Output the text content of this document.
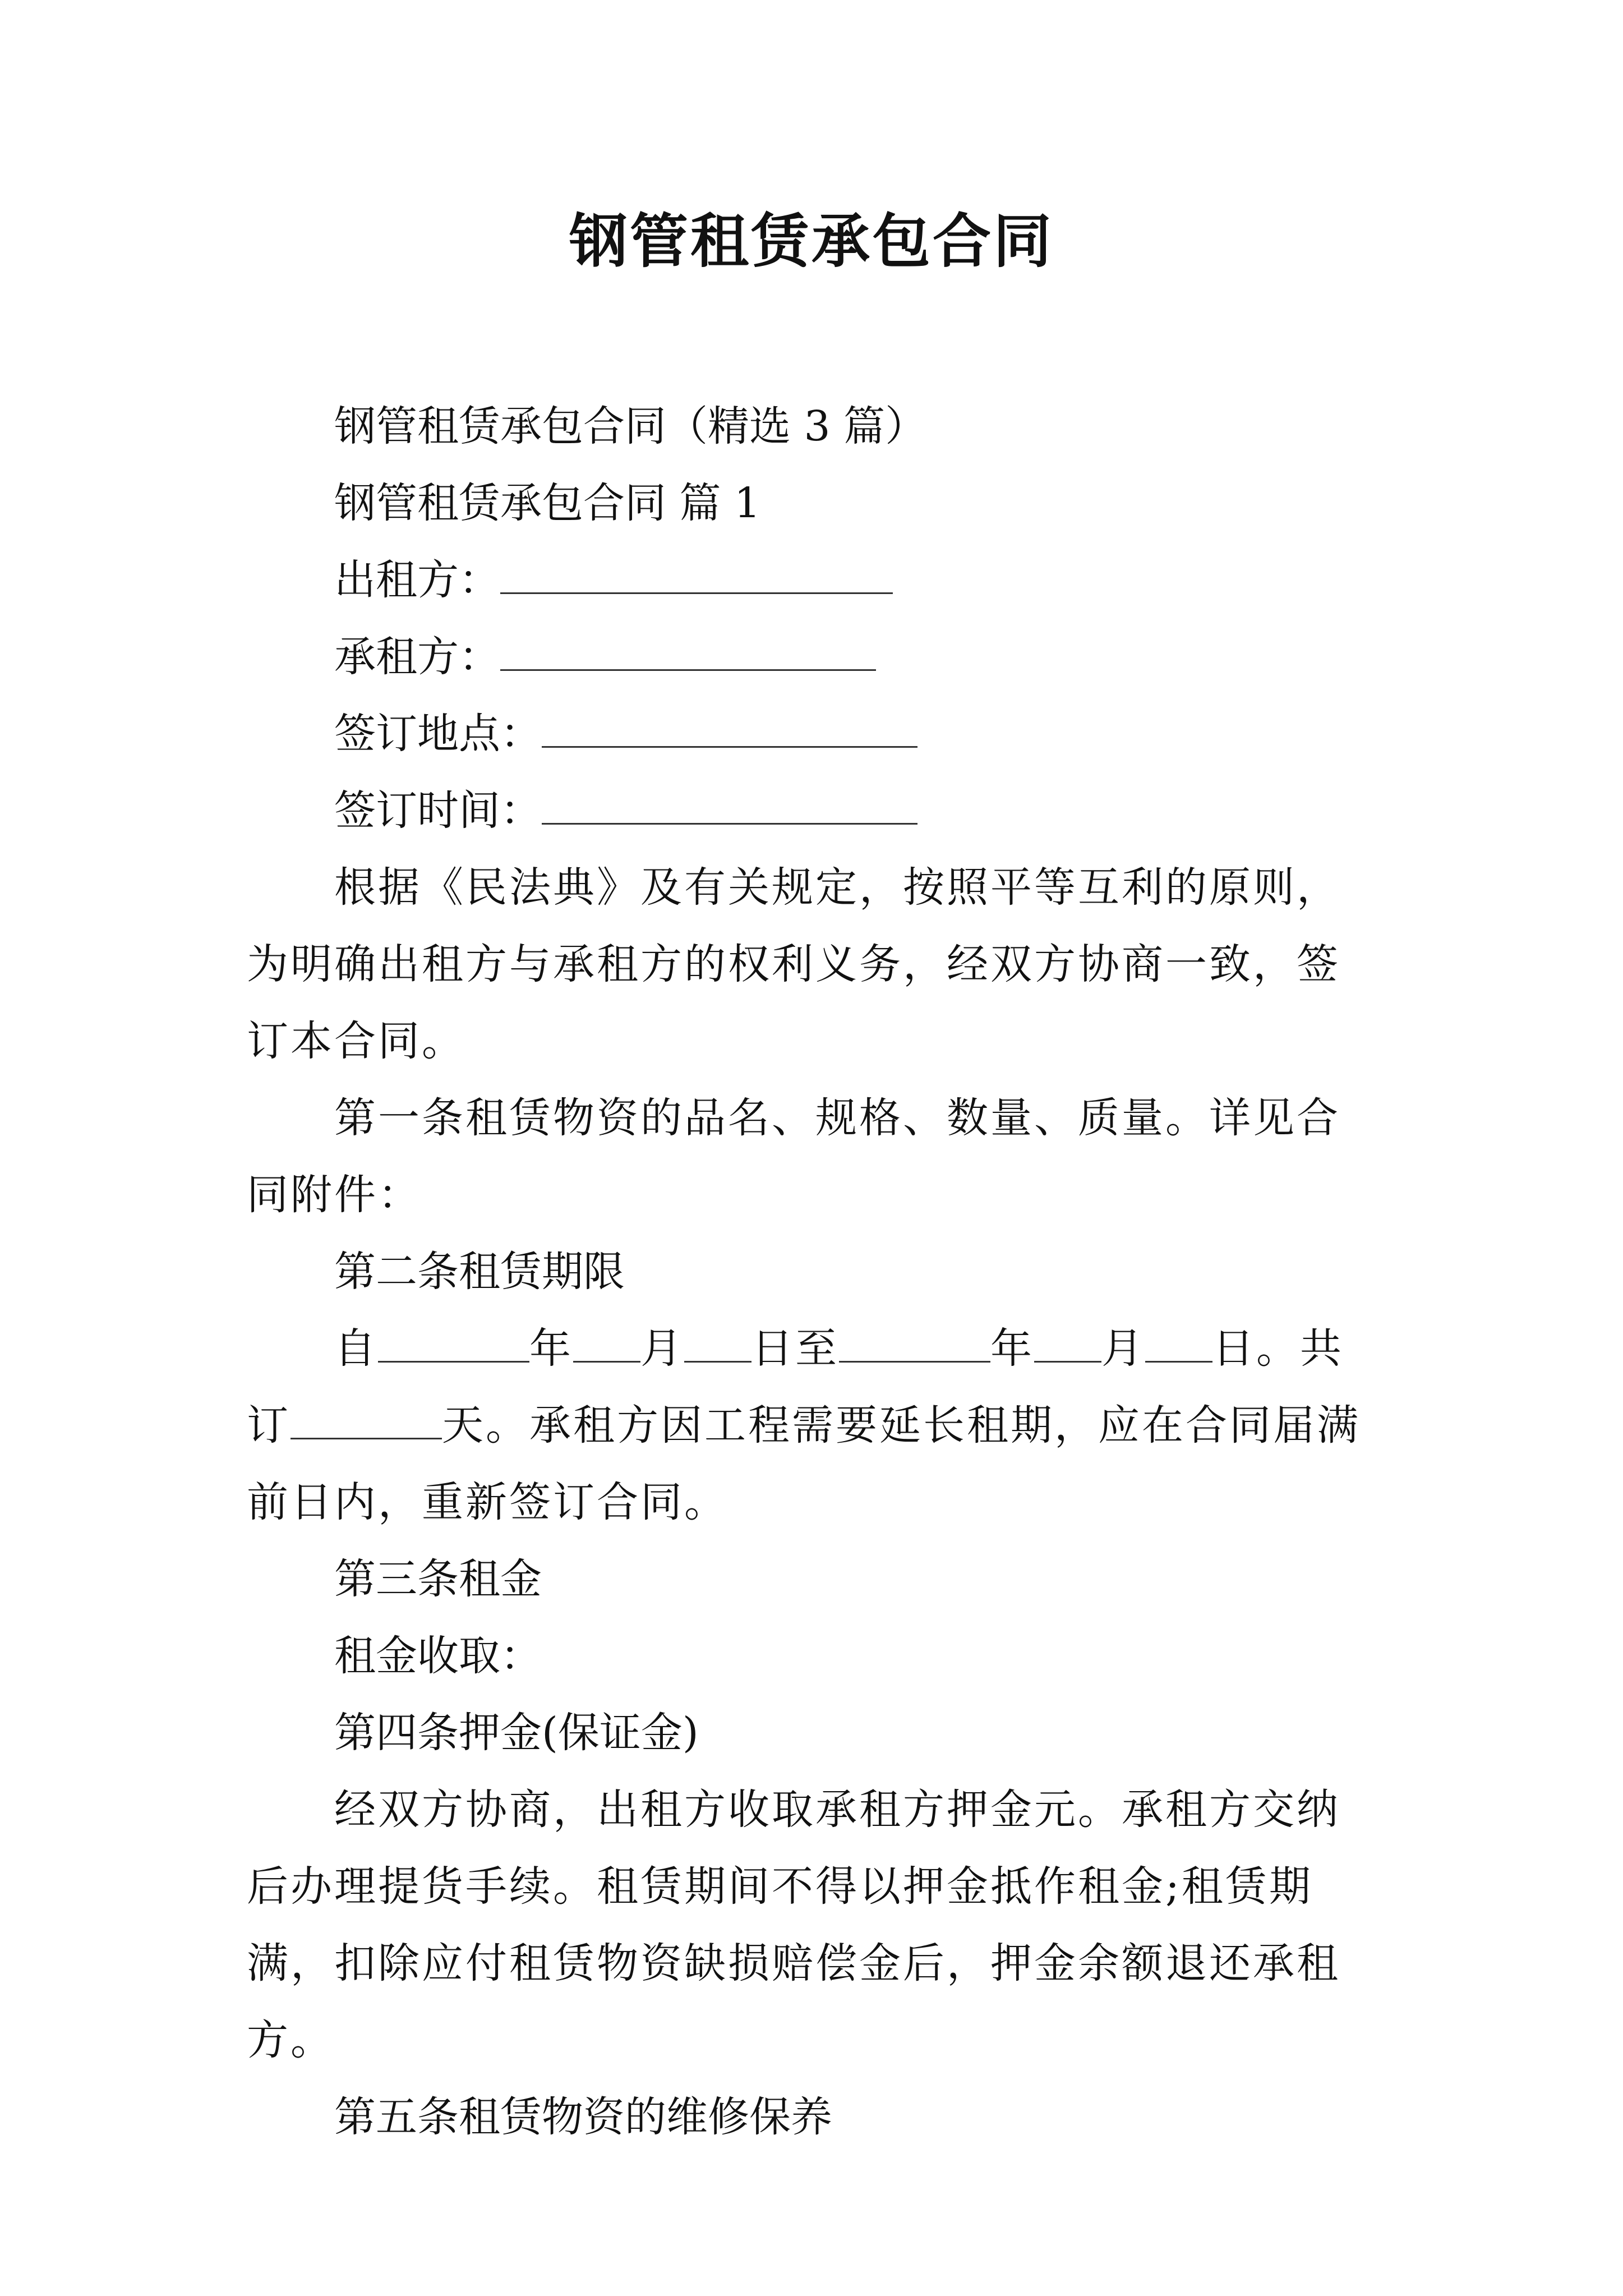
钢管租赁承包合同

钢管租赁承包合同（精选 3 篇）

钢管租赁承包合同 篇 1

出租方：

承租方：

签订地点：

签订时间：

根据《民法典》及有关规定，按照平等互利的原则，为明确出租方与承租方的权利义务，经双方协商一致，签订本合同。

第一条租赁物资的品名、规格、数量、质量。详见合同附件：

第二条租赁期限

自	年 月 日至	年 月 日。共订	天。承租方因工程需要延长租期，应在合同届满前日内，重新签订合同。

第三条租金

租金收取：

第四条押金(保证金)

经双方协商，出租方收取承租方押金元。承租方交纳后办理提货手续。租赁期间不得以押金抵作租金;租赁期满，扣除应付租赁物资缺损赔偿金后，押金余额退还承租方。

第五条租赁物资的维修保养
